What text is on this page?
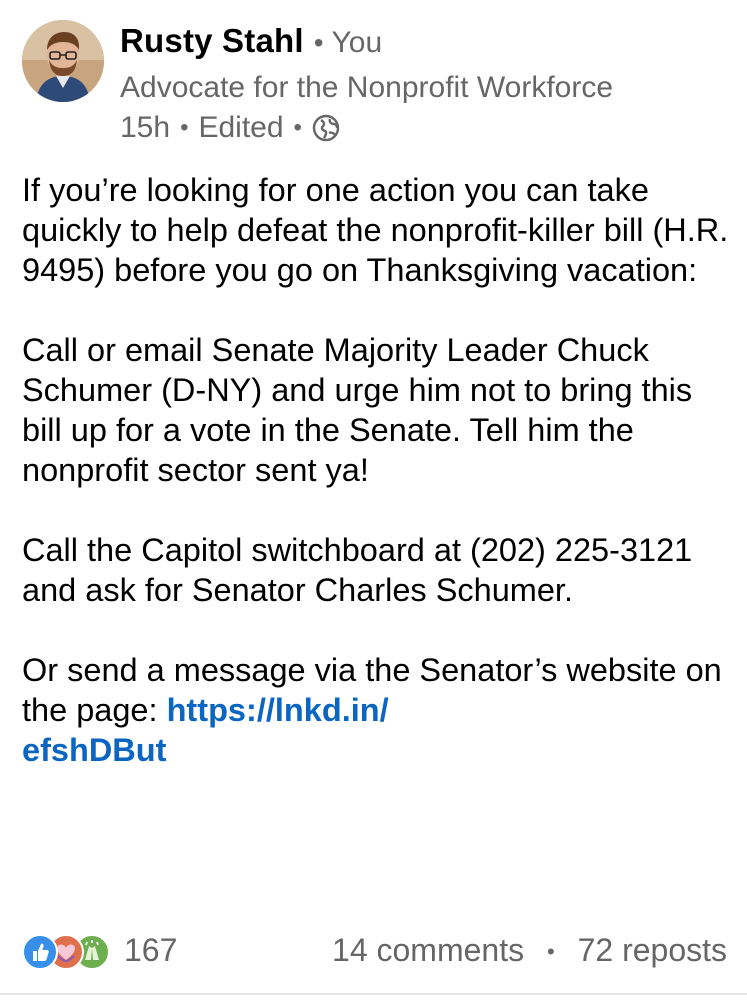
Rusty Stahl • You
Advocate for the Nonprofit Workforce
15h • Edited •

If you’re looking for one action you can take quickly to help defeat the nonprofit-killer bill (H.R. 9495) before you go on Thanksgiving vacation:

Call or email Senate Majority Leader Chuck Schumer (D-NY) and urge him not to bring this bill up for a vote in the Senate. Tell him the nonprofit sector sent ya!

Call the Capitol switchboard at (202) 225-3121 and ask for Senator Charles Schumer.

Or send a message via the Senator’s website on the page: https://lnkd.in/
efshDBut

167	14 comments • 72 reposts
